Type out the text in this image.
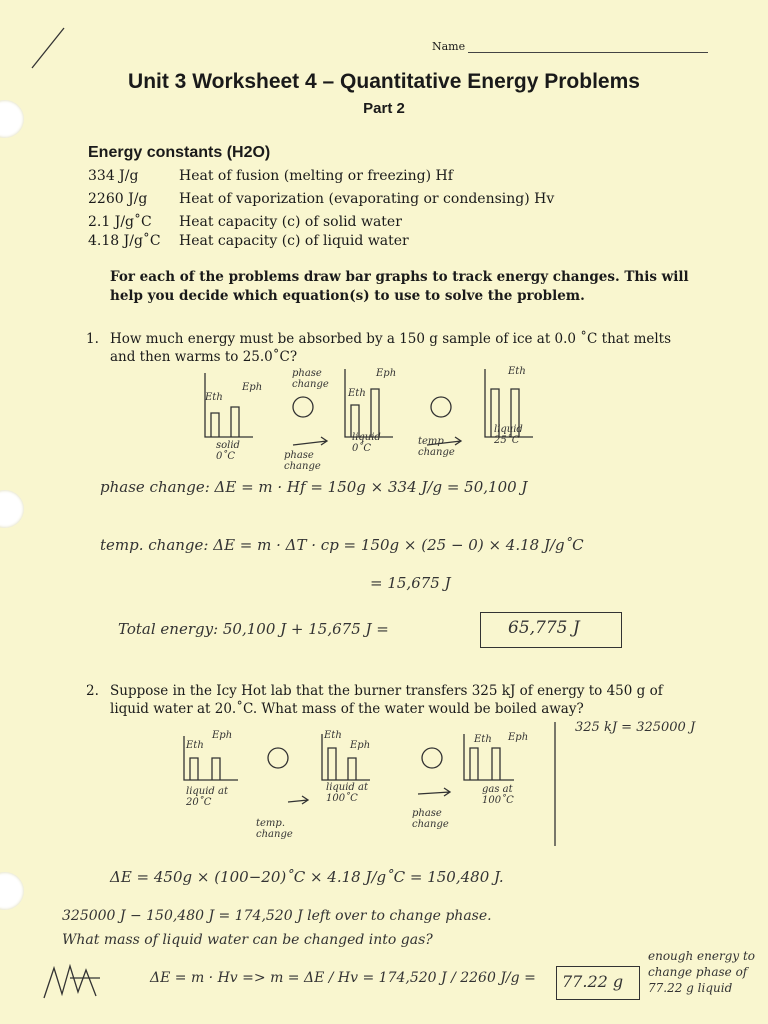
Name
Unit 3 Worksheet 4 – Quantitative Energy Problems
Part 2
Energy constants (H2O)
334 J/g	Heat of fusion (melting or freezing) Hf
2260 J/g Heat of vaporization (evaporating or condensing) Hv
2.1 J/g˚C Heat capacity (c) of solid water
4.18 J/g˚C Heat capacity (c) of liquid water
For each of the problems draw bar graphs to track energy changes. This will help you decide which equation(s) to use to solve the problem.
1. How much energy must be absorbed by a 150 g sample of ice at 0.0 ˚C that melts and then warms to 25.0˚C?
Eth
Eph
phase change
Eth
Eph	Eth
solid 0˚C	phase change
liquid 0˚C
temp change
liquid 25˚C
phase change: ΔE = m · Hf = 150g × 334 J/g = 50,100 J
temp. change: ΔE = m · ΔT · cp = 150g × (25 − 0) × 4.18 J/g˚C
= 15,675 J
Total energy: 50,100 J + 15,675 J =	65,775 J
2. Suppose in the Icy Hot lab that the burner transfers 325 kJ of energy to 450 g of liquid water at 20.˚C. What mass of the water would be boiled away?
325 kJ = 325000 J
Eth
Eph	Eth
Eph
Eth Eph
liquid at 20˚C
liquid at 100˚C
gas at 100˚C
temp. change
phase change
ΔE = 450g × (100−20)˚C × 4.18 J/g˚C = 150,480 J.
325000 J − 150,480 J = 174,520 J left over to change phase.
What mass of liquid water can be changed into gas?
ΔE = m · Hv => m = ΔE / Hv = 174,520 J / 2260 J/g = 77.22 g
enough energy to change phase of 77.22 g liquid
